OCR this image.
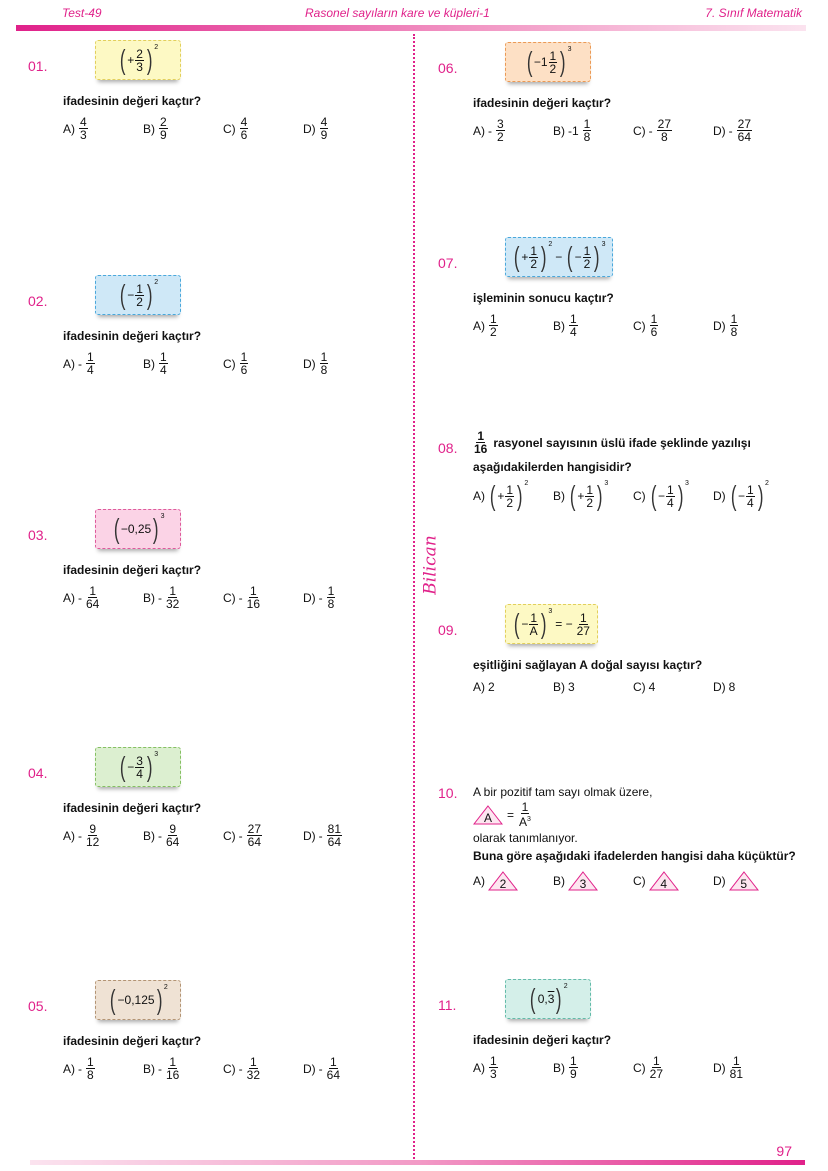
Test-49	Rasonel sayıların kare ve küpleri-1	7. Sınıf Matematik
Bilican
01.	( + $\frac{2}{3}$ ) $^2$
ifadesinin değeri kaçtır?
$A) \frac{4}{3}$	$B) \frac{2}{9}$	$C) \frac{4}{6}$	$D) \frac{4}{9}$
02.	( − $\frac{1}{2}$ ) $^2$
ifadesinin değeri kaçtır?
$A) - \frac{1}{4}$	$B) \frac{1}{4}$	$C) \frac{1}{6}$	$D) \frac{1}{8}$
03. ( −0,25 ) $^3$
ifadesinin değeri kaçtır?
$A) - \frac{1}{64}$	$B) - \frac{1}{32}$	$C) - \frac{1}{16}$	$D) - \frac{1}{8}$
04.	( − $\frac{3}{4}$ ) $^3$
ifadesinin değeri kaçtır?
$A) - \frac{9}{12}$	$B) - \frac{9}{64}$	$C) - \frac{27}{64}$	$D) - \frac{81}{64}$
05. ( −0,125 ) $^2$
ifadesinin değeri kaçtır?
$A) - \frac{1}{8}$	$B) - \frac{1}{16}$	$C) - \frac{1}{32}$	$D) - \frac{1}{64}$
06. ( $-1 \frac{1}{2}$ ) $^3$
ifadesinin değeri kaçtır?
$A) - \frac{3}{2}$	B) $-1 \frac{1}{8}$	$C) - \frac{27}{8}$	$D) - \frac{27}{64}$
07. ( + $\frac{1}{2}$ ) $^2$
− ( − $\frac{1}{2}$ ) $^3$
işleminin sonucu kaçtır?
$A) \frac{1}{2}$	$B) \frac{1}{4}$	$C) \frac{1}{6}$	$D) \frac{1}{8}$
08. $\frac{1}{16}$ rasyonel sayısının üslü ifade şeklinde yazılışı
aşağıdakilerden hangisidir?
A) ( + $\frac{1}{2}$ ) $^2$
B) ( + $\frac{1}{2}$ ) $^3$
C) ( − $\frac{1}{4}$ ) $^3$
D) ( − $\frac{1}{4}$ ) $^2$
09. ( − $\frac{1}{A}$ ) $^3$
= − $\frac{1}{27}$
eşitliğini sağlayan A doğal sayısı kaçtır?
A) 2	B) 3	C) 4	D) 8
10. A bir pozitif tam sayı olmak üzere,
A	= $\frac{1}{A^3}$
olarak tanımlanıyor.
Buna göre aşağıdaki ifadelerden hangisi daha küçüktür?
A)	2	B)	3	C)	4	D)	5
11.	( 0, 3 ) $^2$
ifadesinin değeri kaçtır?
$A) \frac{1}{3}$	$B) \frac{1}{9}$	$C) \frac{1}{27}$	$D) \frac{1}{81}$
97
